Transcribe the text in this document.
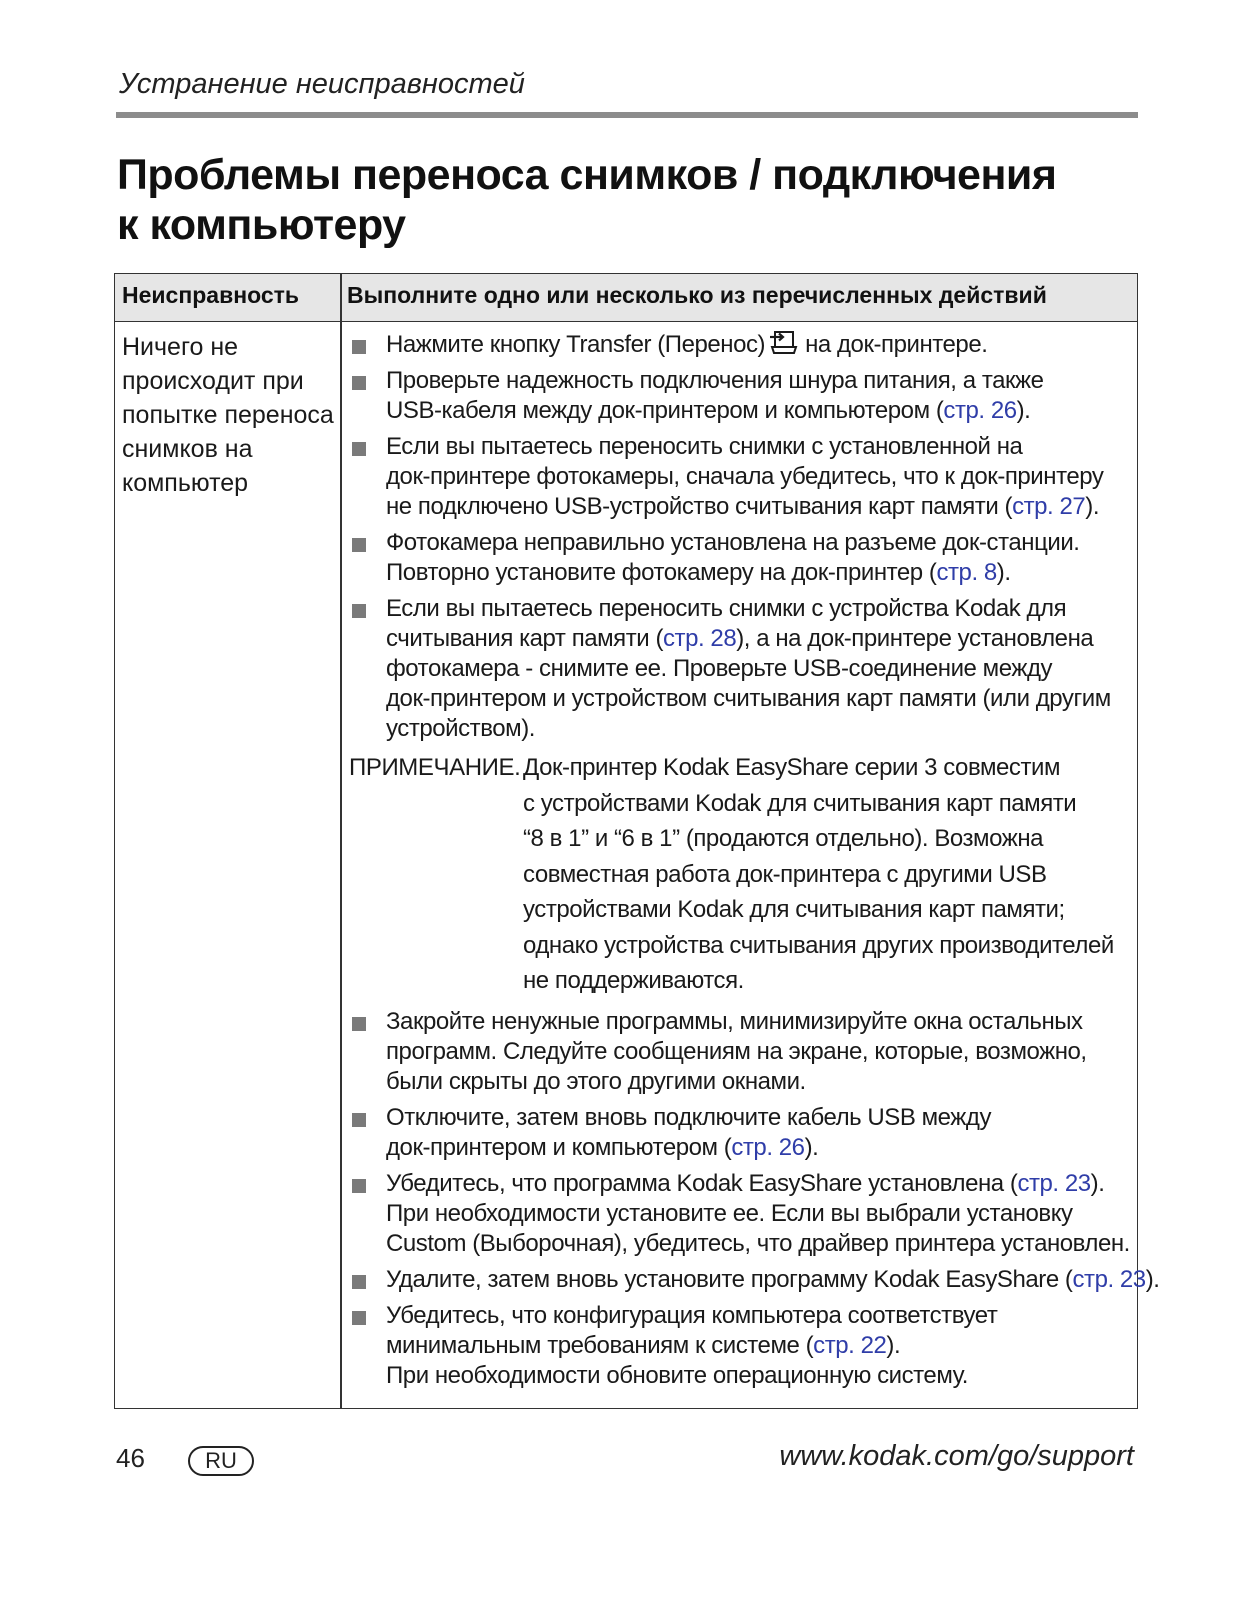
Устранение неисправностей
Проблемы переноса снимков / подключения
к компьютеру
Неисправность Выполните одно или несколько из перечисленных действий
Ничего не
происходит при
попытке переноса
снимков на
компьютер
Нажмите кнопку Transfer (Перенос) на док-принтере.
Проверьте надежность подключения шнура питания, а также
USB-кабеля между док-принтером и компьютером (стр. 26).
Если вы пытаетесь переносить снимки с установленной на
док-принтере фотокамеры, сначала убедитесь, что к док-принтеру
не подключено USB-устройство считывания карт памяти (стр. 27).
Фотокамера неправильно установлена на разъеме док-станции.
Повторно установите фотокамеру на док-принтер (стр. 8).
Если вы пытаетесь переносить снимки с устройства Kodak для
считывания карт памяти (стр. 28), а на док-принтере установлена
фотокамера - снимите ее. Проверьте USB-соединение между
док-принтером и устройством считывания карт памяти (или другим
устройством).
ПРИМЕЧАНИЕ. Док-принтер Kodak EasyShare серии 3 совместим
с устройствами Kodak для считывания карт памяти
“8 в 1” и “6 в 1” (продаются отдельно). Возможна
совместная работа док-принтера с другими USB
устройствами Kodak для считывания карт памяти;
однако устройства считывания других производителей
не поддерживаются.
Закройте ненужные программы, минимизируйте окна остальных
программ. Следуйте сообщениям на экране, которые, возможно,
были скрыты до этого другими окнами.
Отключите, затем вновь подключите кабель USB между
док-принтером и компьютером (стр. 26).
Убедитесь, что программа Kodak EasyShare установлена (стр. 23).
При необходимости установите ее. Если вы выбрали установку
Custom (Выборочная), убедитесь, что драйвер принтера установлен.
Удалите, затем вновь установите программу Kodak EasyShare (стр. 23).
Убедитесь, что конфигурация компьютера соответствует
минимальным требованиям к системе (стр. 22).
При необходимости обновите операционную систему.
46	RU	www.kodak.com/go/support
